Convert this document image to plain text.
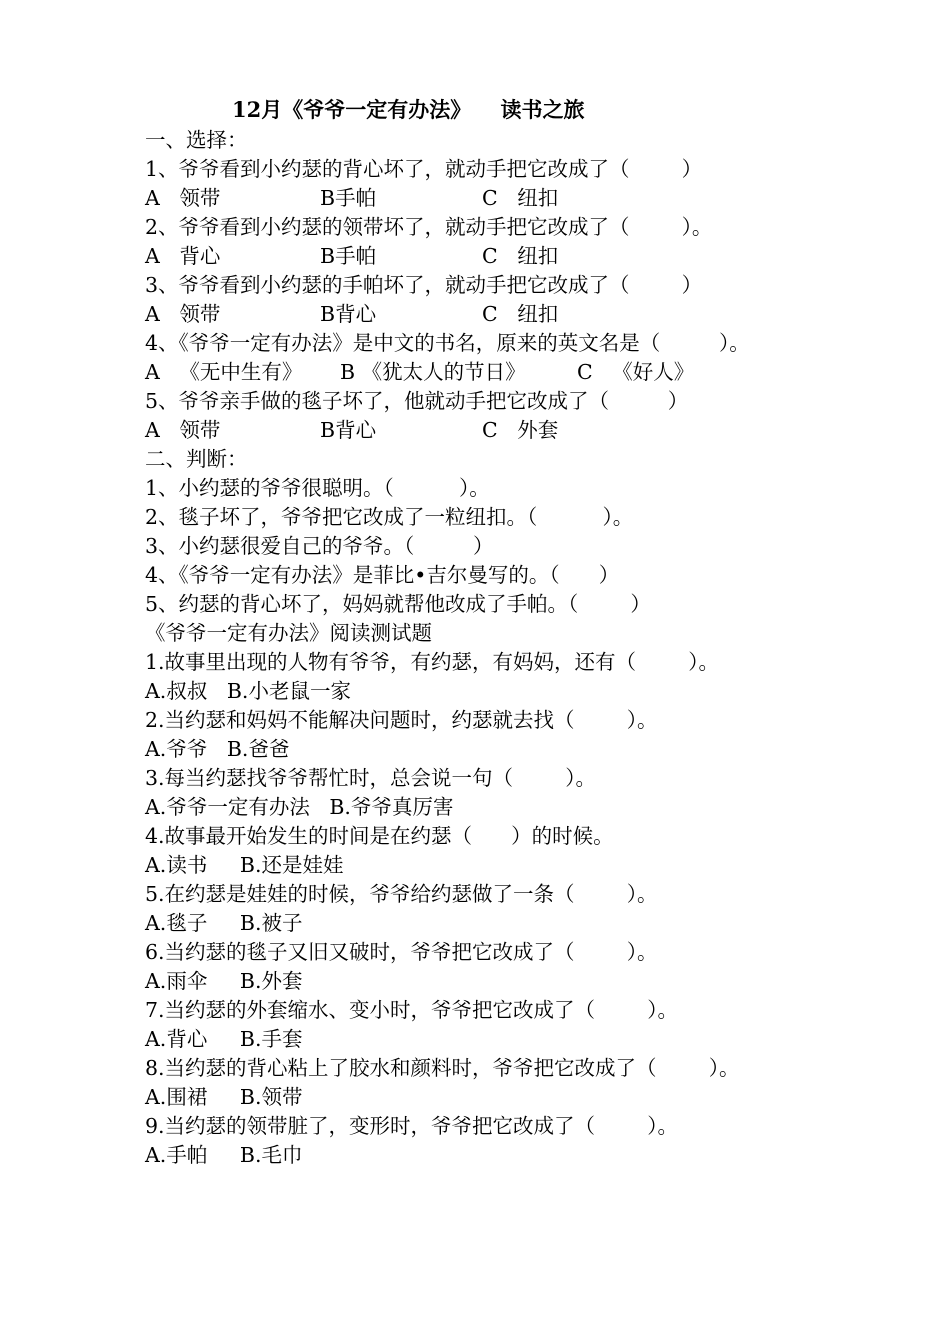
12月《爷爷一定有办法》    读书之旅
一、选择：
1、爷爷看到小约瑟的背心坏了，就动手把它改成了（        ）
A   领带	B手帕	C   纽扣
2、爷爷看到小约瑟的领带坏了，就动手把它改成了（        ）。
A   背心	B手帕	C   纽扣
3、爷爷看到小约瑟的手帕坏了，就动手把它改成了（        ）
A   领带	B背心	C   纽扣
4、《爷爷一定有办法》是中文的书名，原来的英文名是（         ）。
A   《无中生有》	B 《犹太人的节日》	C   《好人》
5、爷爷亲手做的毯子坏了，他就动手把它改成了（         ）
A   领带	B背心	C   外套
二、判断：
1、小约瑟的爷爷很聪明。（          ）。
2、毯子坏了，爷爷把它改成了一粒纽扣。（          ）。
3、小约瑟很爱自己的爷爷。（         ）
4、《爷爷一定有办法》是菲比•吉尔曼写的。（      ）
5、约瑟的背心坏了，妈妈就帮他改成了手帕。（        ）
《爷爷一定有办法》阅读测试题
1.故事里出现的人物有爷爷，有约瑟，有妈妈，还有（        ）。
A.叔叔   B.小老鼠一家
2.当约瑟和妈妈不能解决问题时，约瑟就去找（        ）。
A.爷爷   B.爸爸
3.每当约瑟找爷爷帮忙时，总会说一句（        ）。
A.爷爷一定有办法   B.爷爷真厉害
4.故事最开始发生的时间是在约瑟（      ）的时候。
A.读书     B.还是娃娃
5.在约瑟是娃娃的时候，爷爷给约瑟做了一条（        ）。
A.毯子     B.被子
6.当约瑟的毯子又旧又破时，爷爷把它改成了（        ）。
A.雨伞     B.外套
7.当约瑟的外套缩水、变小时，爷爷把它改成了（        ）。
A.背心     B.手套
8.当约瑟的背心粘上了胶水和颜料时，爷爷把它改成了（        ）。
A.围裙     B.领带
9.当约瑟的领带脏了，变形时，爷爷把它改成了（        ）。
A.手帕     B.毛巾
